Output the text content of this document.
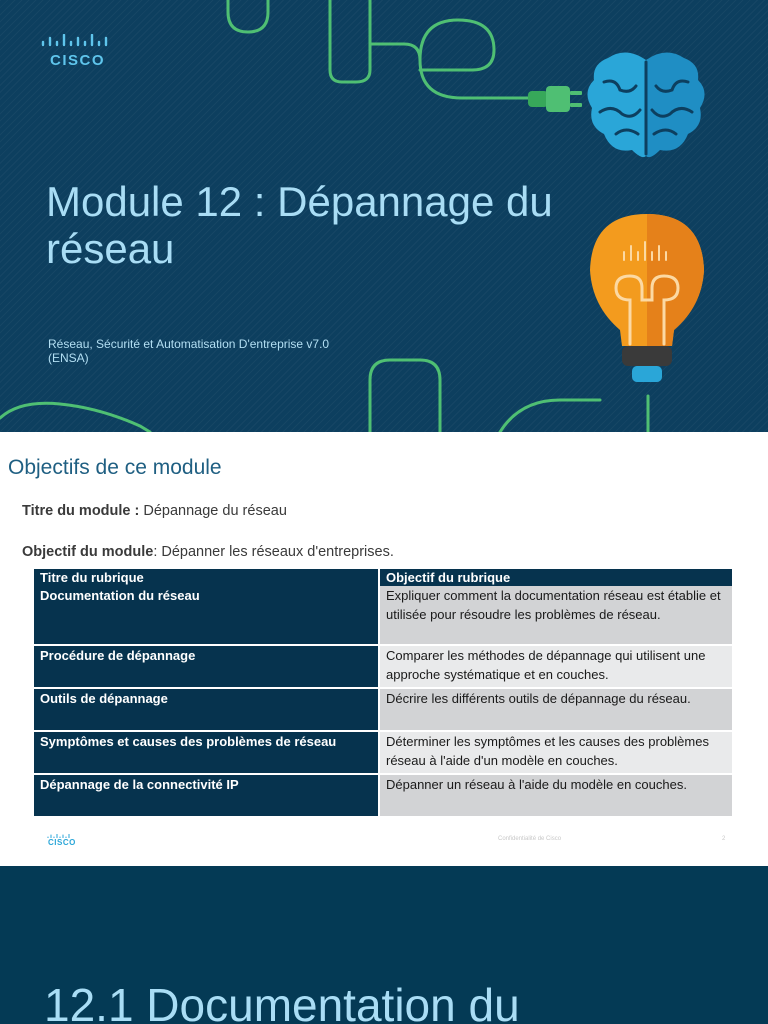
CISCO
Module 12 : Dépannage du réseau
Réseau, Sécurité et Automatisation D'entreprise v7.0 (ENSA)
Objectifs de ce module
Titre du module : Dépannage du réseau
Objectif du module: Dépanner les réseaux d'entreprises.
Titre du rubrique	Objectif du rubrique
Documentation du réseau	Expliquer comment la documentation réseau est établie et utilisée pour résoudre les problèmes de réseau.
Procédure de dépannage	Comparer les méthodes de dépannage qui utilisent une approche systématique et en couches.
Outils de dépannage	Décrire les différents outils de dépannage du réseau.
Symptômes et causes des problèmes de réseau	Déterminer les symptômes et les causes des problèmes réseau à l'aide d'un modèle en couches.
Dépannage de la connectivité IP	Dépanner un réseau à l'aide du modèle en couches.
CISCO	Confidentialité de Cisco	2
12.1 Documentation du
